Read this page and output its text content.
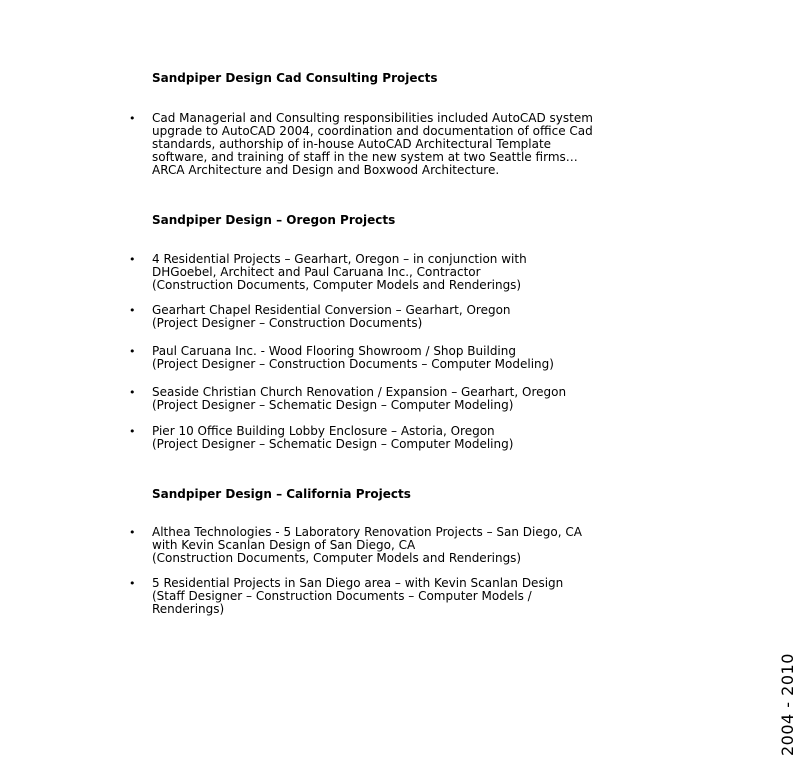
Sandpiper Design Cad Consulting Projects
• Cad Managerial and Consulting responsibilities included AutoCAD system
upgrade to AutoCAD 2004, coordination and documentation of office Cad
standards, authorship of in-house AutoCAD Architectural Template
software, and training of staff in the new system at two Seattle firms…
ARCA Architecture and Design and Boxwood Architecture.
Sandpiper Design – Oregon Projects
• 4 Residential Projects – Gearhart, Oregon – in conjunction with
DHGoebel, Architect and Paul Caruana Inc., Contractor
(Construction Documents, Computer Models and Renderings)
• Gearhart Chapel Residential Conversion – Gearhart, Oregon
(Project Designer – Construction Documents)
• Paul Caruana Inc. - Wood Flooring Showroom / Shop Building
(Project Designer – Construction Documents – Computer Modeling)
• Seaside Christian Church Renovation / Expansion – Gearhart, Oregon
(Project Designer – Schematic Design – Computer Modeling)
• Pier 10 Office Building Lobby Enclosure – Astoria, Oregon
(Project Designer – Schematic Design – Computer Modeling)
Sandpiper Design – California Projects
• Althea Technologies - 5 Laboratory Renovation Projects – San Diego, CA
with Kevin Scanlan Design of San Diego, CA
(Construction Documents, Computer Models and Renderings)
• 5 Residential Projects in San Diego area – with Kevin Scanlan Design
(Staff Designer – Construction Documents – Computer Models /
Renderings)
2004 - 2010
